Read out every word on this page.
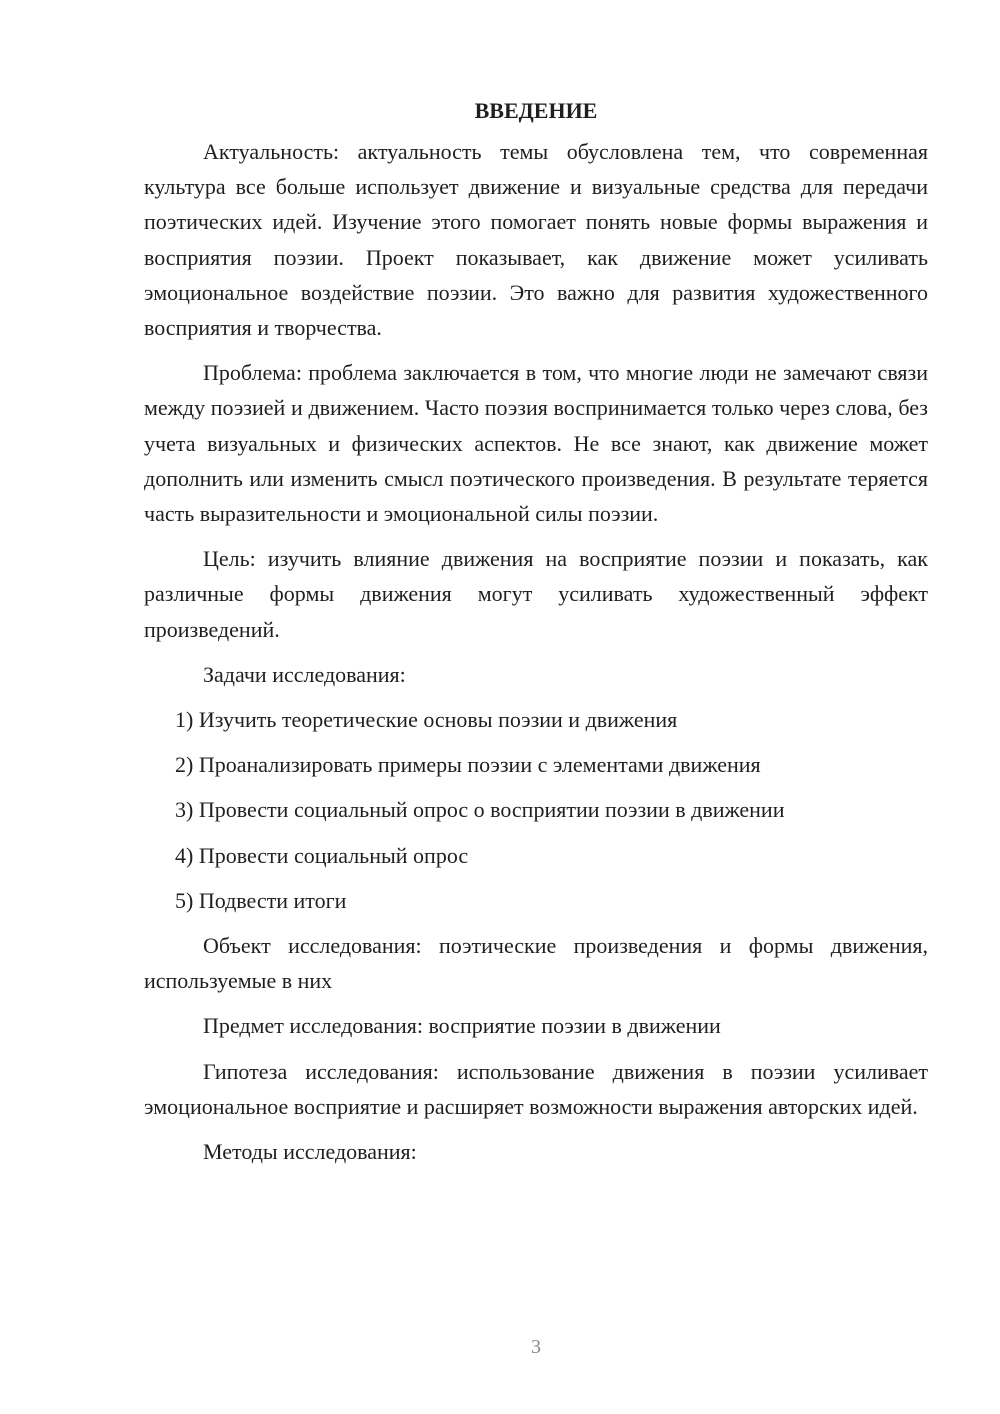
ВВЕДЕНИЕ

Актуальность: актуальность темы обусловлена тем, что современная культура все больше использует движение и визуальные средства для передачи поэтических идей. Изучение этого помогает понять новые формы выражения и восприятия поэзии. Проект показывает, как движение может усиливать эмоциональное воздействие поэзии. Это важно для развития художественного восприятия и творчества.

Проблема: проблема заключается в том, что многие люди не замечают связи между поэзией и движением. Часто поэзия воспринимается только через слова, без учета визуальных и физических аспектов. Не все знают, как движение может дополнить или изменить смысл поэтического произведения. В результате теряется часть выразительности и эмоциональной силы поэзии.

Цель: изучить влияние движения на восприятие поэзии и показать, как различные формы движения могут усиливать художественный эффект произведений.

Задачи исследования:

1) Изучить теоретические основы поэзии и движения

2) Проанализировать примеры поэзии с элементами движения

3) Провести социальный опрос о восприятии поэзии в движении

4) Провести социальный опрос

5) Подвести итоги

Объект исследования: поэтические произведения и формы движения, используемые в них

Предмет исследования: восприятие поэзии в движении

Гипотеза исследования: использование движения в поэзии усиливает эмоциональное восприятие и расширяет возможности выражения авторских идей.

Методы исследования:

3
